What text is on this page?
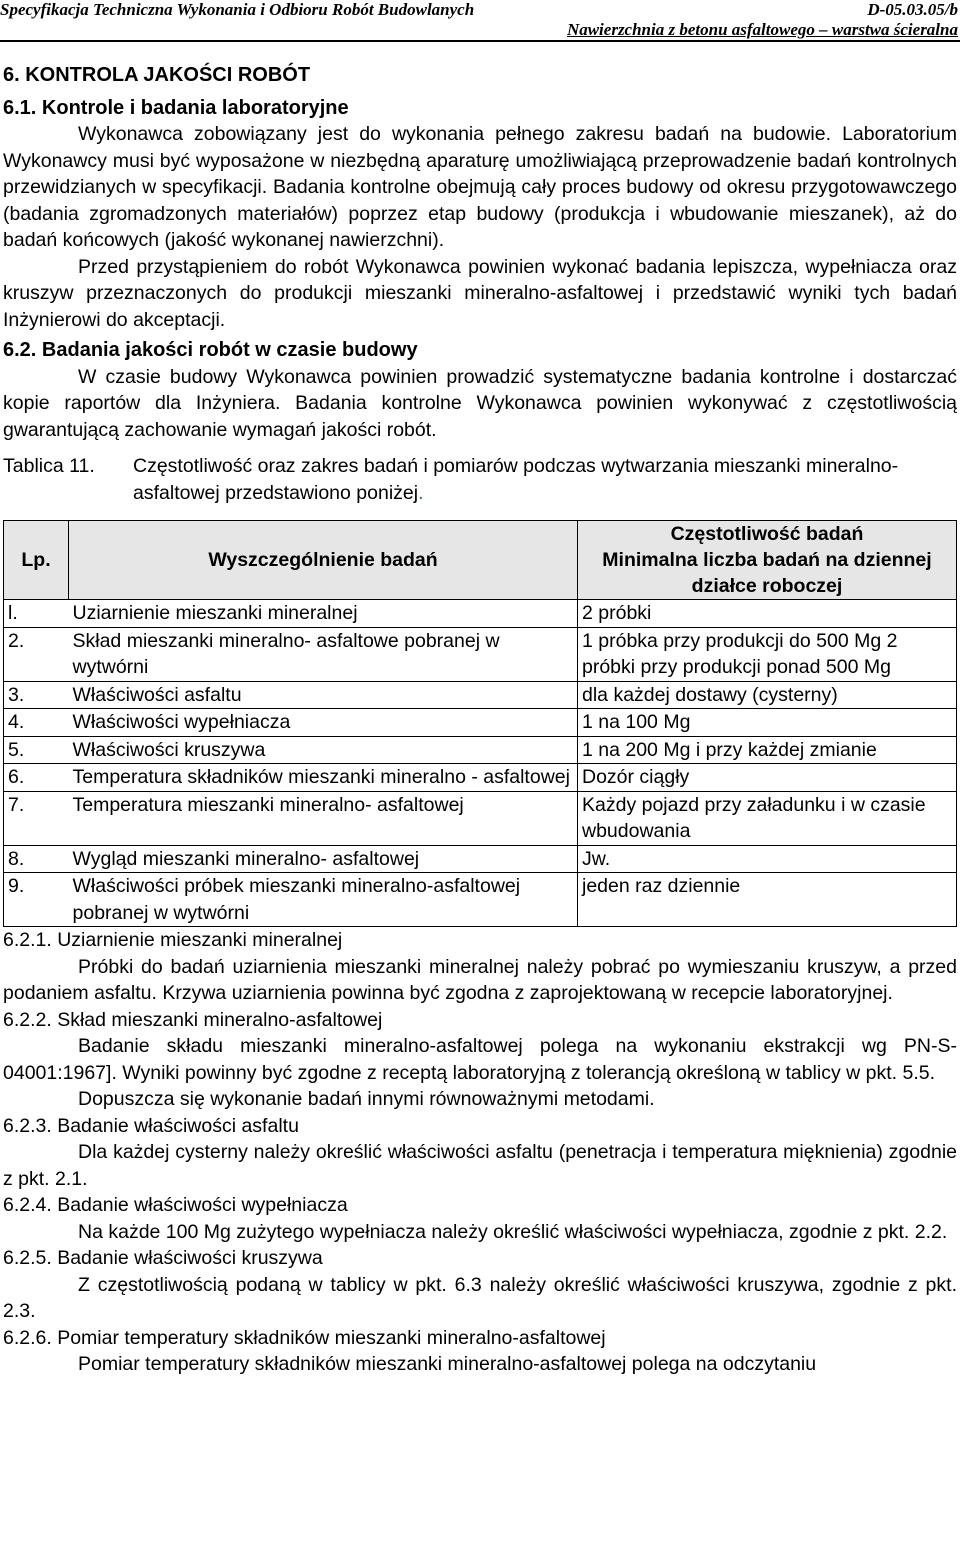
Specyfikacja Techniczna Wykonania i Odbioru Robót Budowlanych	D-05.03.05/b
Nawierzchnia z betonu asfaltowego – warstwa ścieralna
6. KONTROLA JAKOŚCI ROBÓT
6.1. Kontrole i badania laboratoryjne

Wykonawca zobowiązany jest do wykonania pełnego zakresu badań na budowie. Laboratorium Wykonawcy musi być wyposażone w niezbędną aparaturę umożliwiającą przeprowadzenie badań kontrolnych przewidzianych w specyfikacji. Badania kontrolne obejmują cały proces budowy od okresu przygotowawczego (badania zgromadzonych materiałów) poprzez etap budowy (produkcja i wbudowanie mieszanek), aż do badań końcowych (jakość wykonanej nawierzchni).

Przed przystąpieniem do robót Wykonawca powinien wykonać badania lepiszcza, wypełniacza oraz kruszyw przeznaczonych do produkcji mieszanki mineralno-asfaltowej i przedstawić wyniki tych badań Inżynierowi do akceptacji.

6.2. Badania jakości robót w czasie budowy

W czasie budowy Wykonawca powinien prowadzić systematyczne badania kontrolne i dostarczać kopie raportów dla Inżyniera. Badania kontrolne Wykonawca powinien wykonywać z częstotliwością gwarantującą zachowanie wymagań jakości robót.

Tablica 11.	Częstotliwość oraz zakres badań i pomiarów podczas wytwarzania mieszanki mineralno-asfaltowej przedstawiono poniżej.
Lp.	Wyszczególnienie badań	Częstotliwość badań
Minimalna liczba badań na dziennej działce roboczej

l.	Uziarnienie mieszanki mineralnej	2 próbki
2.	Skład mieszanki mineralno- asfaltowe pobranej w wytwórni	1 próbka przy produkcji do 500 Mg 2 próbki przy produkcji ponad 500 Mg
3.	Właściwości asfaltu	dla każdej dostawy (cysterny)
4.	Właściwości wypełniacza	1 na 100 Mg
5.	Właściwości kruszywa	1 na 200 Mg i przy każdej zmianie
6.	Temperatura składników mieszanki mineralno - asfaltowej	Dozór ciągły
7.	Temperatura mieszanki mineralno- asfaltowej	Każdy pojazd przy załadunku i w czasie wbudowania
8.	Wygląd mieszanki mineralno- asfaltowej	Jw.
9.	Właściwości próbek mieszanki mineralno-asfaltowej pobranej w wytwórni	jeden raz dziennie
6.2.1. Uziarnienie mieszanki mineralnej

Próbki do badań uziarnienia mieszanki mineralnej należy pobrać po wymieszaniu kruszyw, a przed podaniem asfaltu. Krzywa uziarnienia powinna być zgodna z zaprojektowaną w recepcie laboratoryjnej.

6.2.2. Skład mieszanki mineralno-asfaltowej

Badanie składu mieszanki mineralno-asfaltowej polega na wykonaniu ekstrakcji wg PN-S-04001:1967]. Wyniki powinny być zgodne z receptą laboratoryjną z tolerancją określoną w tablicy w pkt. 5.5.

Dopuszcza się wykonanie badań innymi równoważnymi metodami.

6.2.3. Badanie właściwości asfaltu

Dla każdej cysterny należy określić właściwości asfaltu (penetracja i temperatura mięknienia) zgodnie z pkt. 2.1.

6.2.4. Badanie właściwości wypełniacza

Na każde 100 Mg zużytego wypełniacza należy określić właściwości wypełniacza, zgodnie z pkt. 2.2.

6.2.5. Badanie właściwości kruszywa

Z częstotliwością podaną w tablicy w pkt. 6.3 należy określić właściwości kruszywa, zgodnie z pkt. 2.3.

6.2.6. Pomiar temperatury składników mieszanki mineralno-asfaltowej

Pomiar temperatury składników mieszanki mineralno-asfaltowej polega na odczytaniu
